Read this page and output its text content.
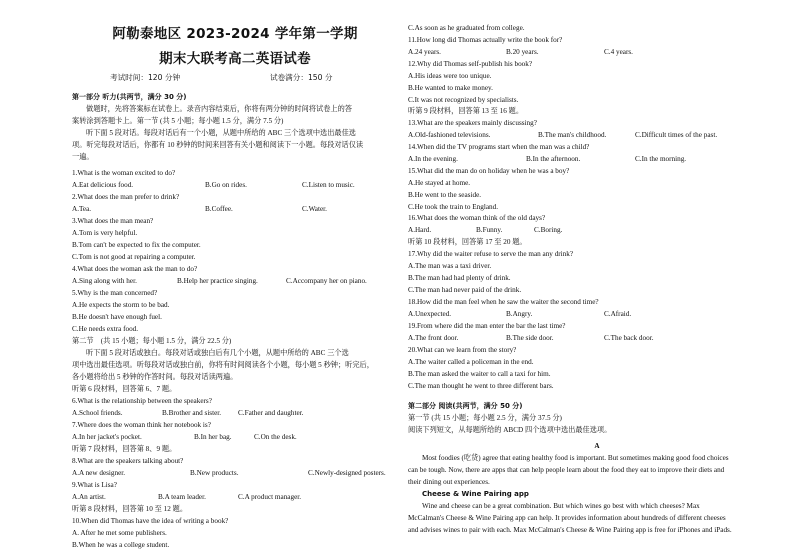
阿勒泰地区 2023-2024 学年第一学期
期末大联考高二英语试卷
考试时间：120 分钟	试卷满分：150 分
第一部分 听力(共两节，满分 30 分)
做题时，先将答案标在试卷上。录音内容结束后，你将有两分钟的时间将试卷上的答
案转涂到答题卡上。第一节 (共 5 小题；每小题 1.5 分，满分 7.5 分)
听下面 5 段对话。每段对话后有一个小题，从题中所给的 ABC 三个选项中选出最佳选
项。听完每段对话后，你都有 10 秒钟的时间来回答有关小题和阅读下一小题。每段对话仅读
一遍。
1.What is the woman excited to do?
A.Eat delicious food.	B.Go on rides.	C.Listen to music.
2.What does the man prefer to drink?
A.Tea.	B.Coffee.	C.Water.
3.What does the man mean?
A.Tom is very helpful.
B.Tom can't be expected to fix the computer.
C.Tom is not good at repairing a computer.
4.What does the woman ask the man to do?
A.Sing along with her.	B.Help her practice singing.	C.Accompany her on piano.
5.Why is the man concerned?
A.He expects the storm to be bad.
B.He doesn't have enough fuel.
C.He needs extra food.
第二节　(共 15 小题；每小题 1.5 分，满分 22.5 分)
听下面 5 段对话或独白。每段对话或独白后有几个小题，从题中所给的 ABC 三个选
项中选出最佳选项。听每段对话或独白前，你将有时间阅读各个小题，每小题 5 秒钟；听完后，
各小题将给出 5 秒钟的作答时间。每段对话读两遍。
听第 6 段材料，回答第 6、7 题。
6.What is the relationship between the speakers?
A.School friends.	B.Brother and sister. C.Father and daughter.
7.Where does the woman think her notebook is?
A.In her jacket's pocket.	B.In her bag.	C.On the desk.
听第 7 段材料，回答第 8、9 题。
8.What are the speakers talking about?
A.A new designer.	B.New products.	C.Newly-designed posters.
9.What is Lisa?
A.An artist.	B.A team leader.	C.A product manager.
听第 8 段材料，回答第 10 至 12 题。
10.When did Thomas have the idea of writing a book?
A. After he met some publishers.
B.When he was a college student.
C.As soon as he graduated from college.
11.How long did Thomas actually write the book for?
A.24 years.	B.20 years.	C.4 years.
12.Why did Thomas self-publish his book?
A.His ideas were too unique.
B.He wanted to make money.
C.It was not recognized by specialists.
听第 9 段材料，回答第 13 至 16 题。
13.What are the speakers mainly discussing?
A.Old-fashioned televisions.	B.The man's childhood.	C.Difficult times of the past.
14.When did the TV programs start when the man was a child?
A.In the evening.	B.In the afternoon.	C.In the morning.
15.What did the man do on holiday when he was a boy?
A.He stayed at home.
B.He went to the seaside.
C.He took the train to England.
16.What does the woman think of the old days?
A.Hard.	B.Funny.	C.Boring.
听第 10 段材料，回答第 17 至 20 题。
17.Why did the waiter refuse to serve the man any drink?
A.The man was a taxi driver.
B.The man had had plenty of drink.
C.The man had never paid of the drink.
18.How did the man feel when he saw the waiter the second time?
A.Unexpected.	B.Angry.	C.Afraid.
19.From where did the man enter the bar the last time?
A.The front door.	B.The side door.	C.The back door.
20.What can we learn from the story?
A.The waiter called a policeman in the end.
B.The man asked the waiter to call a taxi for him.
C.The man thought he went to three different bars.
第二部分 阅读(共两节，满分 50 分)
第一节 (共 15 小题；每小题 2.5 分，满分 37.5 分)
阅读下列短文，从每题所给的 ABCD 四个选项中选出最佳选项。
A
Most foodies (吃货) agree that eating healthy food is important. But sometimes making good food choices
can be tough. Now, there are apps that can help people learn about the food they eat to improve their diets and
their dining out experiences.
Cheese & Wine Pairing app
Wine and cheese can be a great combination. But which wines go best with which cheeses? Max
McCalman's Cheese & Wine Pairing app can help. It provides information about hundreds of different cheeses
and advises wines to pair with each. Max McCalman's Cheese & Wine Pairing app is free for iPhones and iPads.
